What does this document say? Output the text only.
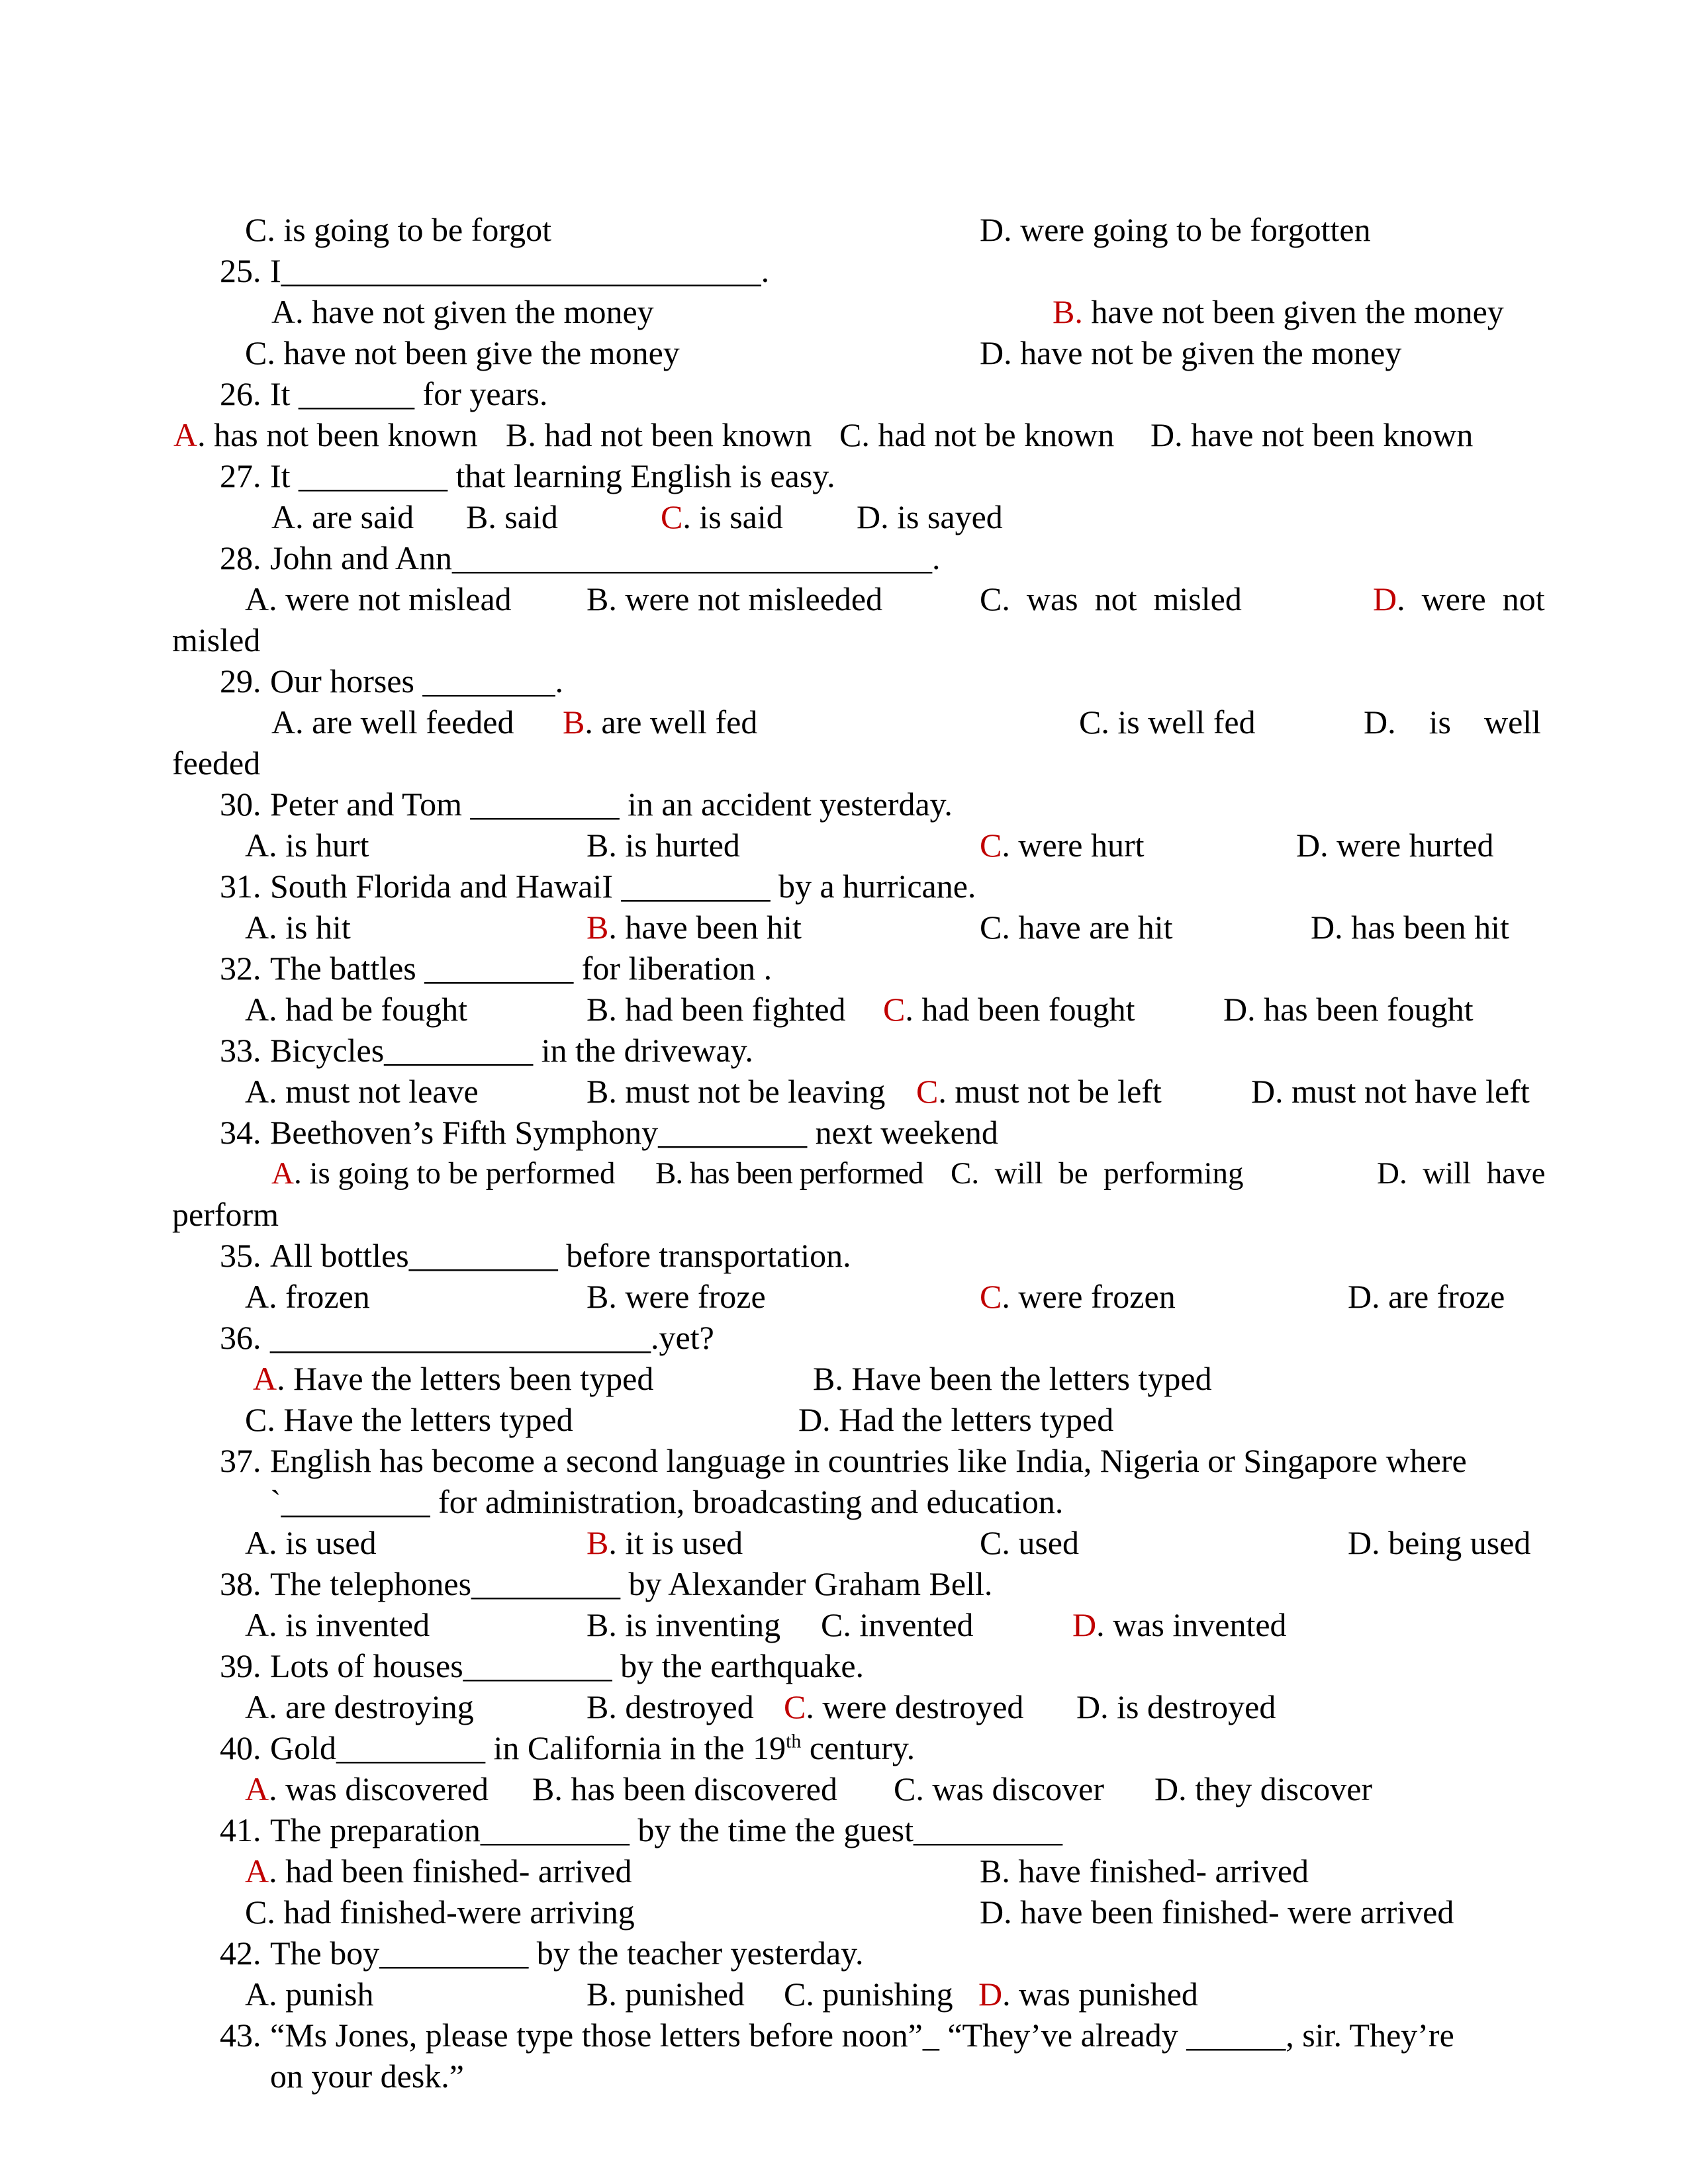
C. is going to be forgot	D. were going to be forgotten
25. I_____________________________.
A. have not given the money	B. have not been given the money
C. have not been give the money	D. have not be given the money
26. It _______ for years.
A. has not been known B. had not been known C. had not be known D. have not been known
27. It _________ that learning English is easy.
A. are said B. said	C. is said D. is sayed
28. John and Ann_____________________________.
A. were not mislead B. were not misleeded	C.  was  not  misled	D.  were  not
misled
29. Our horses ________.
A. are well feeded B. are well fed	C. is well fed	D.    is    well
feeded
30. Peter and Tom _________ in an accident yesterday.
A. is hurt	B. is hurted	C. were hurt	D. were hurted
31. South Florida and HawaiI _________ by a hurricane.
A. is hit	B. have been hit	C. have are hit	D. has been hit
32. The battles _________ for liberation .
A. had be fought	B. had been fighted C. had been fought	D. has been fought
33. Bicycles_________ in the driveway.
A. must not leave	B. must not be leaving C. must not be left	D. must not have left
34. Beethoven’s Fifth Symphony_________ next weekend
A. is going to be performed B. has been performed C.  will  be  performing	D.  will  have
perform
35. All bottles_________ before transportation.
A. frozen	B. were froze	C. were frozen	D. are froze
36. _______________________.yet?
A. Have the letters been typed	B. Have been the letters typed
C. Have the letters typed	D. Had the letters typed
37. English has become a second language in countries like India, Nigeria or Singapore where
`_________ for administration, broadcasting and education.
A. is used	B. it is used	C. used	D. being used
38. The telephones_________ by Alexander Graham Bell.
A. is invented	B. is inventing C. invented	D. was invented
39. Lots of houses_________ by the earthquake.
A. are destroying	B. destroyed C. were destroyed D. is destroyed
40. Gold_________ in California in the 19th century.
A. was discovered B. has been discovered C. was discover D. they discover
41. The preparation_________ by the time the guest_________
A. had been finished- arrived	B. have finished- arrived
C. had finished-were arriving	D. have been finished- were arrived
42. The boy_________ by the teacher yesterday.
A. punish	B. punished C. punishing D. was punished
43. “Ms Jones, please type those letters before noon”_ “They’ve already ______, sir. They’re
on your desk.”
